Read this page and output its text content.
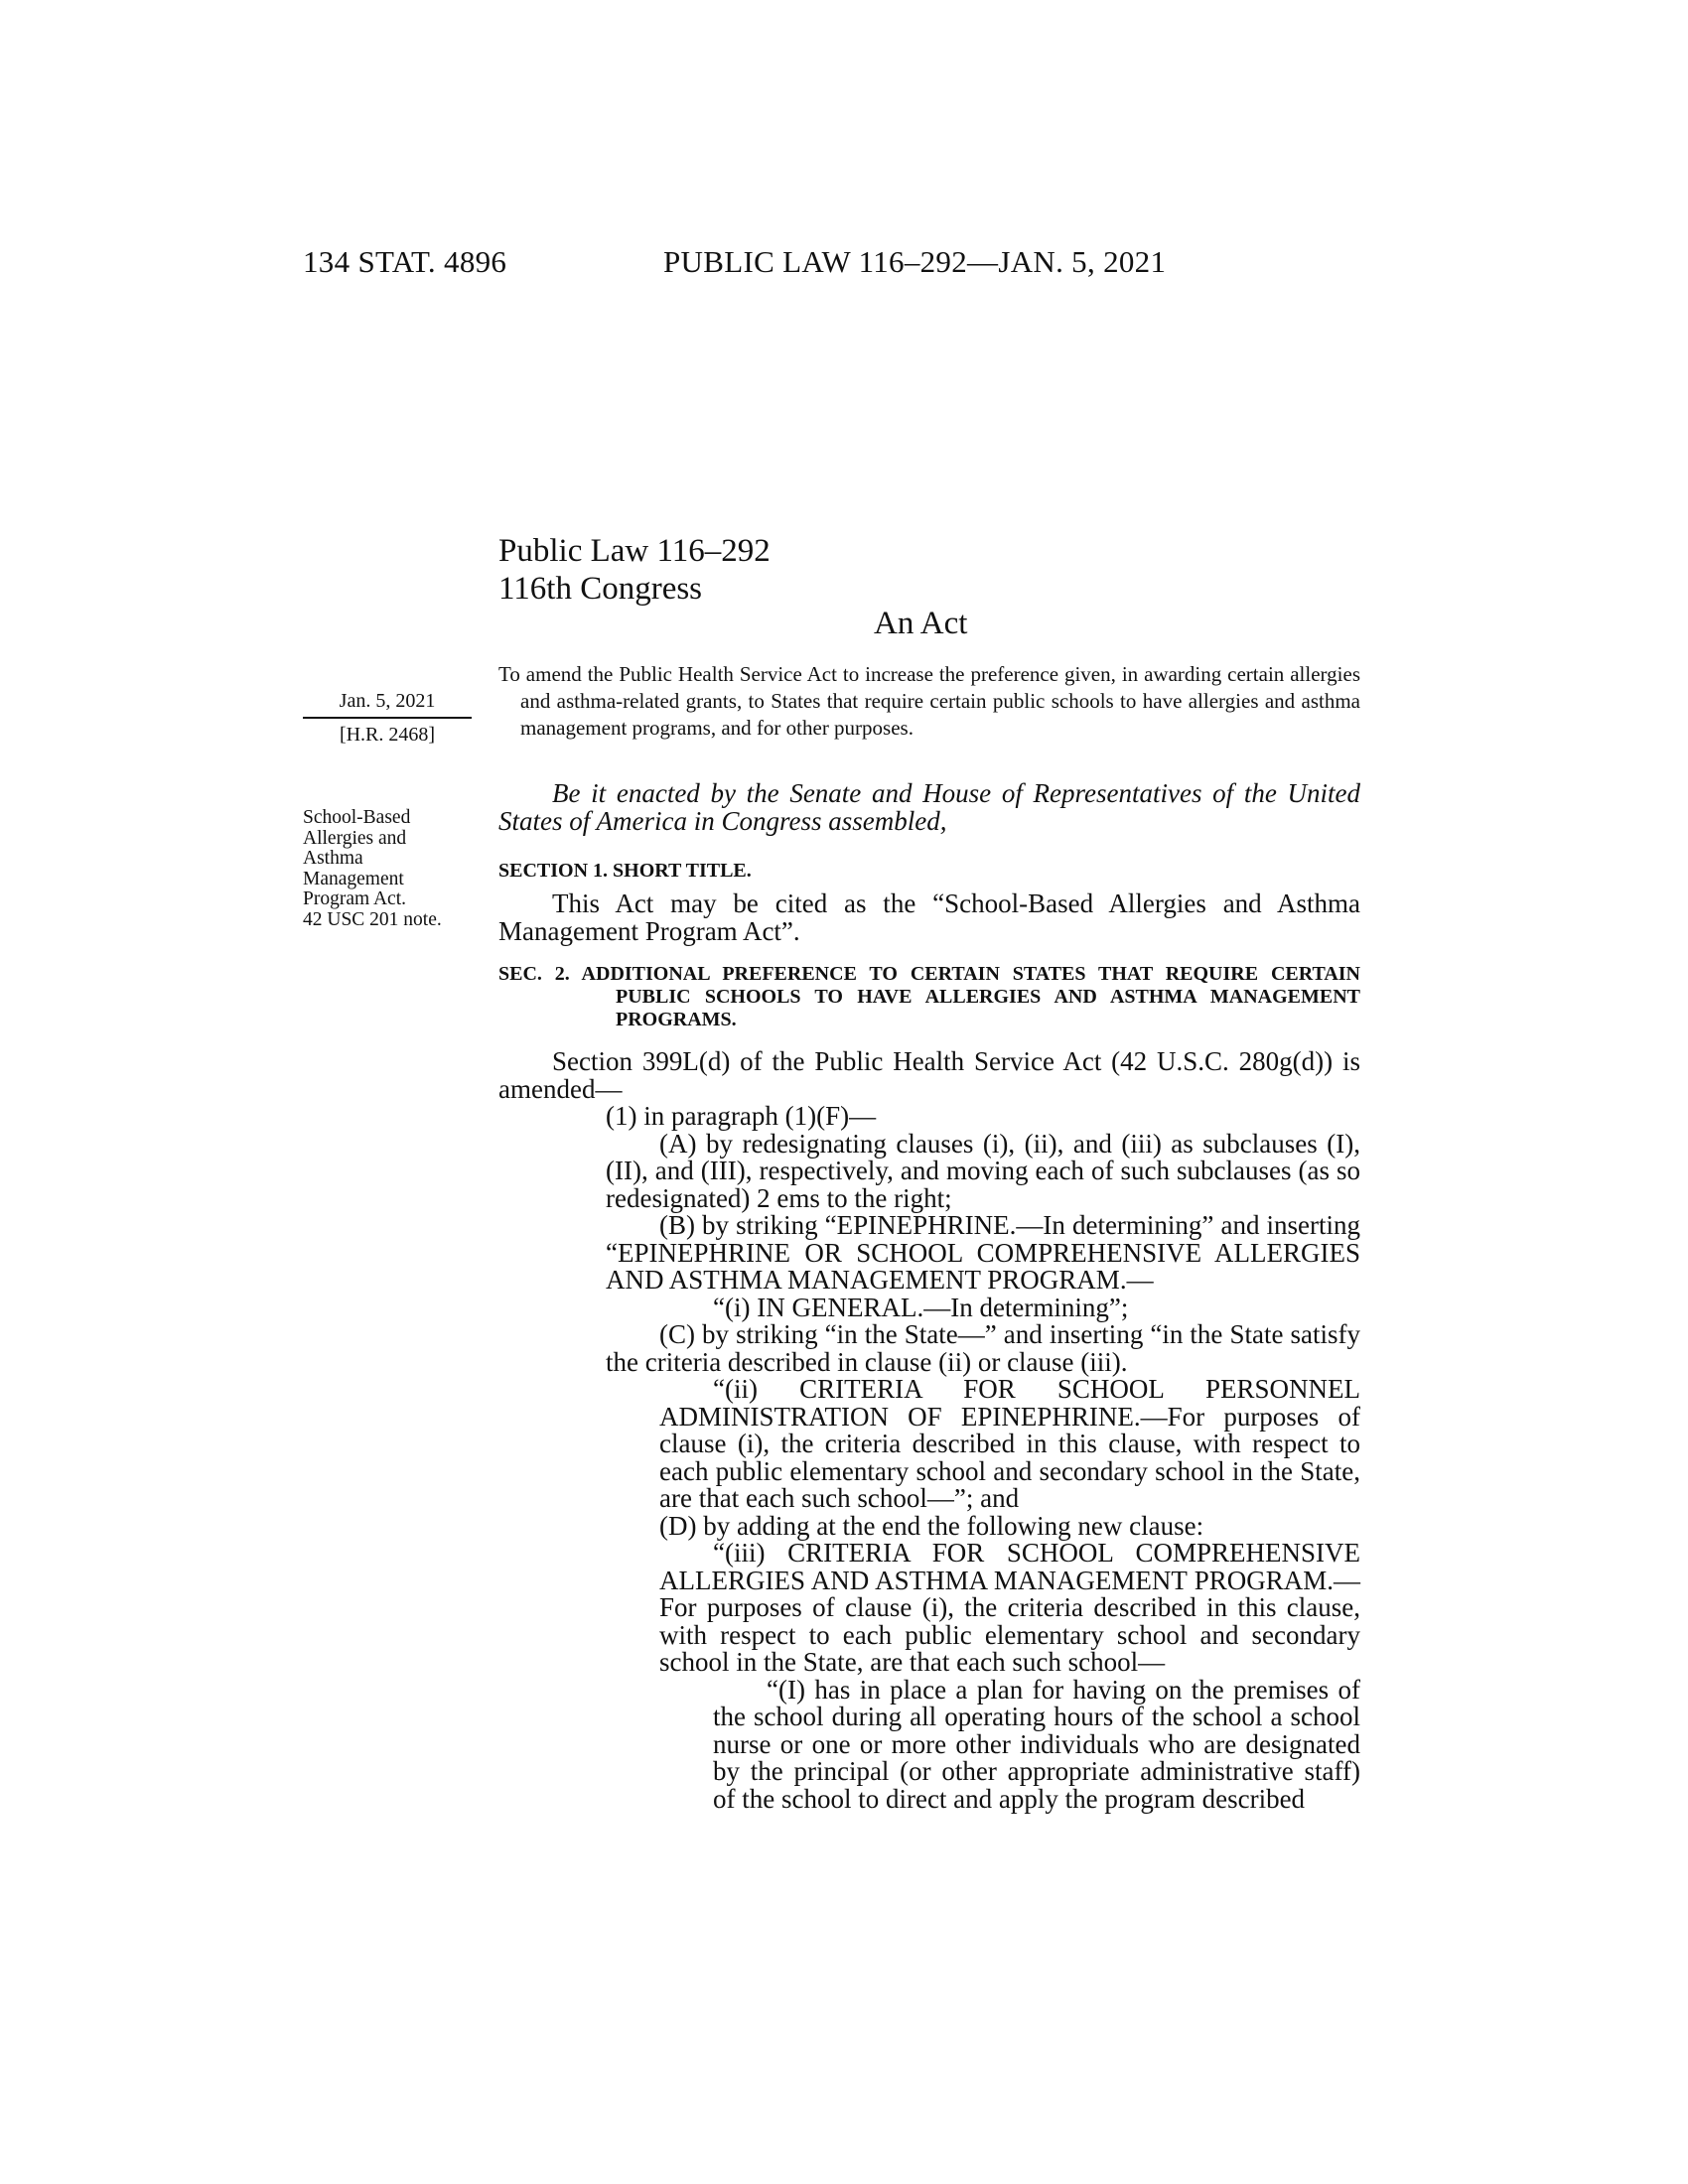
134 STAT. 4896	PUBLIC LAW 116–292—JAN. 5, 2021
Public Law 116–292
116th Congress
An Act
To amend the Public Health Service Act to increase the preference given, in awarding certain allergies and asthma-related grants, to States that require certain public schools to have allergies and asthma management programs, and for other purposes.
Jan. 5, 2021
[H.R. 2468]
School-Based
Allergies and
Asthma
Management
Program Act.
42 USC 201 note.
Be it enacted by the Senate and House of Representatives of the United States of America in Congress assembled,
SECTION 1. SHORT TITLE.
This Act may be cited as the “School-Based Allergies and Asthma Management Program Act”.
SEC. 2. ADDITIONAL PREFERENCE TO CERTAIN STATES THAT REQUIRE CERTAIN PUBLIC SCHOOLS TO HAVE ALLERGIES AND ASTHMA MANAGEMENT PROGRAMS.

Section 399L(d) of the Public Health Service Act (42 U.S.C. 280g(d)) is amended—

(1) in paragraph (1)(F)—

(A) by redesignating clauses (i), (ii), and (iii) as subclauses (I), (II), and (III), respectively, and moving each of such subclauses (as so redesignated) 2 ems to the right;

(B) by striking “EPINEPHRINE.—In determining” and inserting “EPINEPHRINE OR SCHOOL COMPREHENSIVE ALLERGIES AND ASTHMA MANAGEMENT PROGRAM.—

“(i) IN GENERAL.—In determining”;

(C) by striking “in the State—” and inserting “in the State satisfy the criteria described in clause (ii) or clause (iii).

“(ii) CRITERIA FOR SCHOOL PERSONNEL ADMINISTRATION OF EPINEPHRINE.—For purposes of clause (i), the criteria described in this clause, with respect to each public elementary school and secondary school in the State, are that each such school—”; and

(D) by adding at the end the following new clause:

“(iii) CRITERIA FOR SCHOOL COMPREHENSIVE ALLERGIES AND ASTHMA MANAGEMENT PROGRAM.—For purposes of clause (i), the criteria described in this clause, with respect to each public elementary school and secondary school in the State, are that each such school—

“(I) has in place a plan for having on the premises of the school during all operating hours of the school a school nurse or one or more other individuals who are designated by the principal (or other appropriate administrative staff) of the school to direct and apply the program described
